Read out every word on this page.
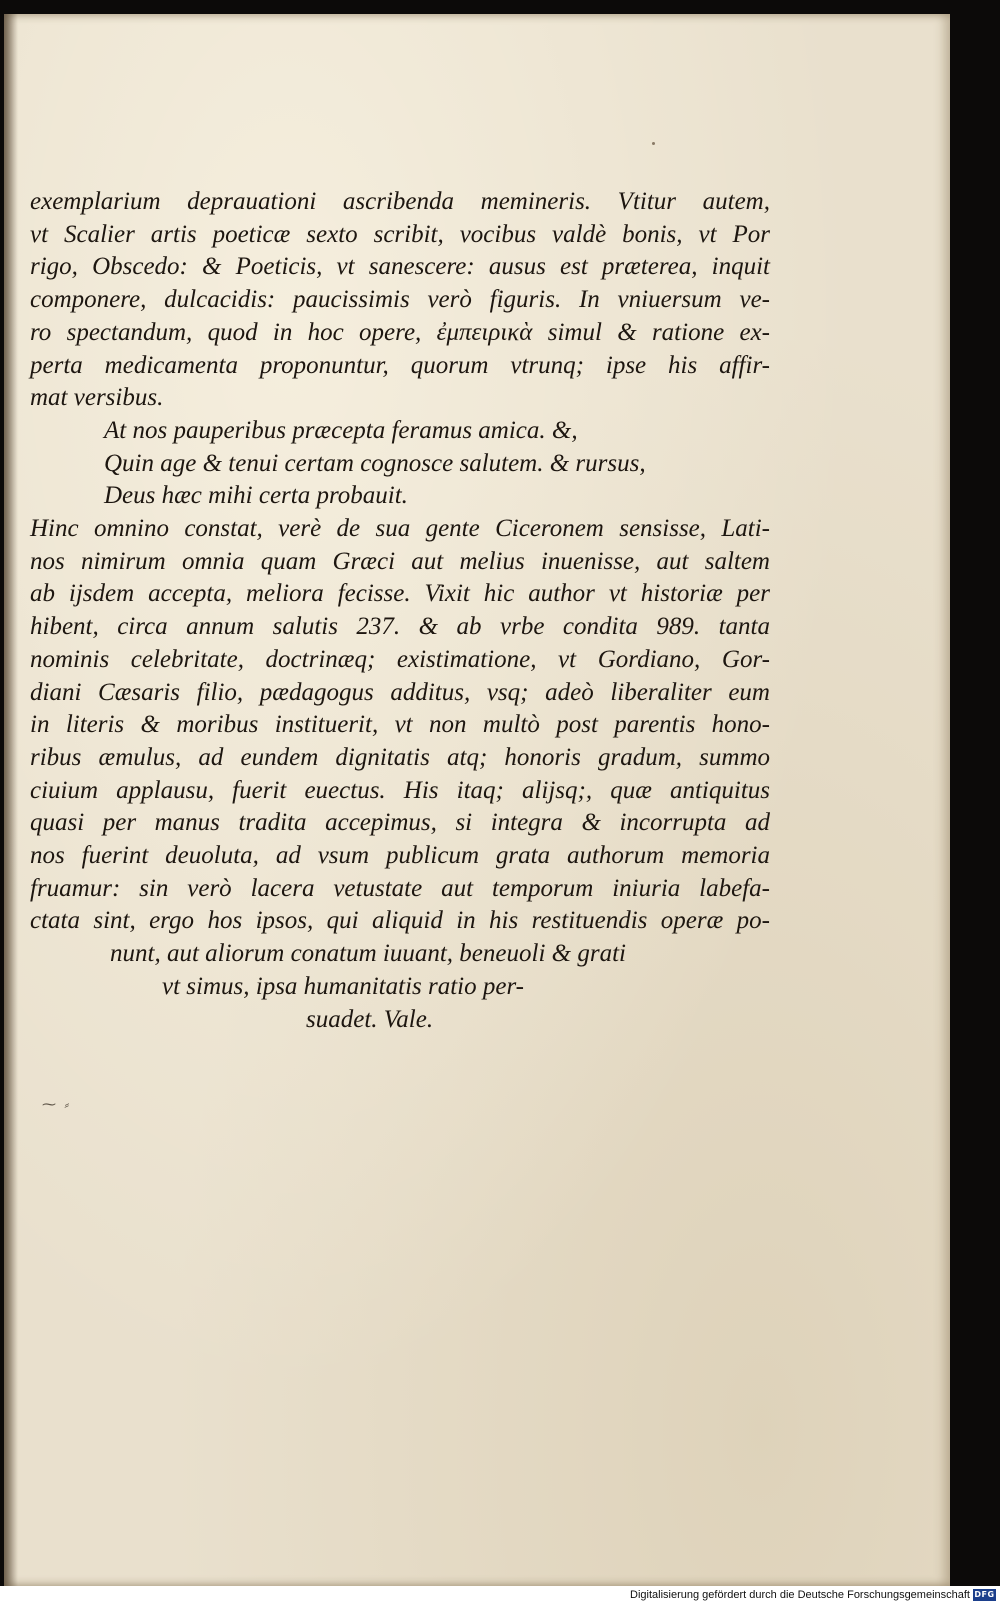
exemplarium deprauationi ascribenda memineris. Vtitur autem,
vt Scalier artis poeticæ sexto scribit, vocibus valdè bonis, vt Por
rigo, Obscedo: & Poeticis, vt sanescere: ausus est præterea, inquit
componere, dulcacidis: paucissimis verò figuris. In vniuersum ve-
ro spectandum, quod in hoc opere, ἐμπειρικὰ simul & ratione ex-
perta medicamenta proponuntur, quorum vtrunq; ipse his affir-
mat versibus.
At nos pauperibus præcepta feramus amica. &,
Quin age & tenui certam cognosce salutem. & rursus,
Deus hæc mihi certa probauit.
Hinc omnino constat, verè de sua gente Ciceronem sensisse, Lati-
nos nimirum omnia quam Græci aut melius inuenisse, aut saltem
ab ijsdem accepta, meliora fecisse. Vixit hic author vt historiæ per
hibent, circa annum salutis 237. & ab vrbe condita 989. tanta
nominis celebritate, doctrinæq; existimatione, vt Gordiano, Gor-
diani Cæsaris filio, pædagogus additus, vsq; adeò liberaliter eum
in literis & moribus instituerit, vt non multò post parentis hono-
ribus æmulus, ad eundem dignitatis atq; honoris gradum, summo
ciuium applausu, fuerit euectus. His itaq; alijsq;, quæ antiquitus
quasi per manus tradita accepimus, si integra & incorrupta ad
nos fuerint deuoluta, ad vsum publicum grata authorum memoria
fruamur: sin verò lacera vetustate aut temporum iniuria labefa-
ctata sint, ergo hos ipsos, qui aliquid in his restituendis operæ po-
nunt, aut aliorum conatum iuuant, beneuoli & grati
vt simus, ipsa humanitatis ratio per-
suadet. Vale.
⁓ ⸗
Digitalisierung gefördert durch die Deutsche Forschungsgemeinschaft DFG
